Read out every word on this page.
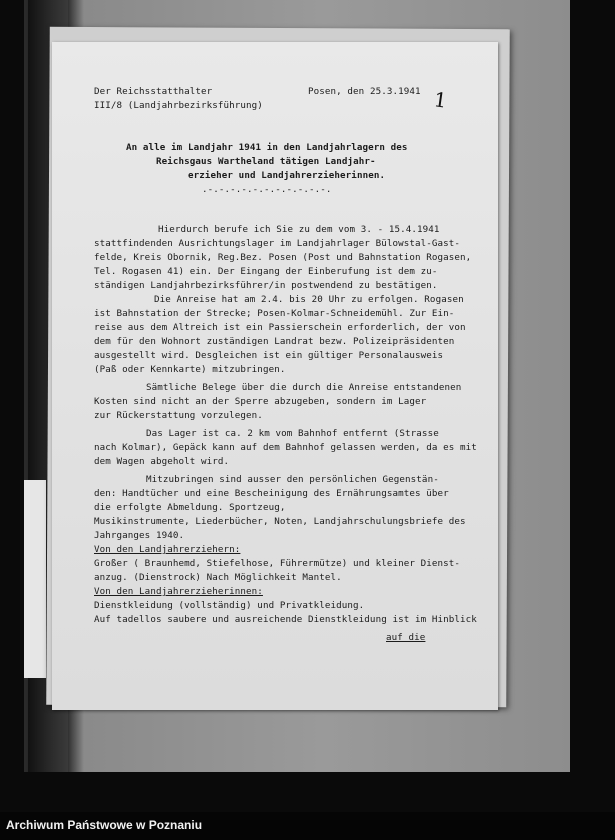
Der Reichsstatthalter
III/8 (Landjahrbezirksführung)
Posen, den 25.3.1941 1
An alle im Landjahr 1941 in den Landjahrlagern des
Reichsgaus Wartheland tätigen Landjahr-
erzieher und Landjahrerzieherinnen.
.-.-.-.-.-.-.-.-.-.-.-.
Hierdurch berufe ich Sie zu dem vom 3. - 15.4.1941
stattfindenden Ausrichtungslager im Landjahrlager Bülowstal-Gast-
felde, Kreis Obornik, Reg.Bez. Posen (Post und Bahnstation Rogasen,
Tel. Rogasen 41) ein. Der Eingang der Einberufung ist dem zu-
ständigen Landjahrbezirksführer/in postwendend zu bestätigen.
Die Anreise hat am 2.4. bis 20 Uhr zu erfolgen. Rogasen
ist Bahnstation der Strecke; Posen-Kolmar-Schneidemühl. Zur Ein-
reise aus dem Altreich ist ein Passierschein erforderlich, der von
dem für den Wohnort zuständigen Landrat bezw. Polizeipräsidenten
ausgestellt wird. Desgleichen ist ein gültiger Personalausweis
(Paß oder Kennkarte) mitzubringen.
Sämtliche Belege über die durch die Anreise entstandenen
Kosten sind nicht an der Sperre abzugeben, sondern im Lager
zur Rückerstattung vorzulegen.
Das Lager ist ca. 2 km vom Bahnhof entfernt (Strasse
nach Kolmar), Gepäck kann auf dem Bahnhof gelassen werden, da es mit
dem Wagen abgeholt wird.
Mitzubringen sind ausser den persönlichen Gegenstän-
den: Handtücher und eine Bescheinigung des Ernährungsamtes über
die erfolgte Abmeldung. Sportzeug,
Musikinstrumente, Liederbücher, Noten, Landjahrschulungsbriefe des
Jahrganges 1940.
Von den Landjahrerziehern:
Großer ( Braunhemd, Stiefelhose, Führermütze) und kleiner Dienst-
anzug. (Dienstrock) Nach Möglichkeit Mantel.
Von den Landjahrerzieherinnen:
Dienstkleidung (vollständig) und Privatkleidung.
Auf tadellos saubere und ausreichende Dienstkleidung ist im Hinblick
auf die
Archiwum Państwowe w Poznaniu
